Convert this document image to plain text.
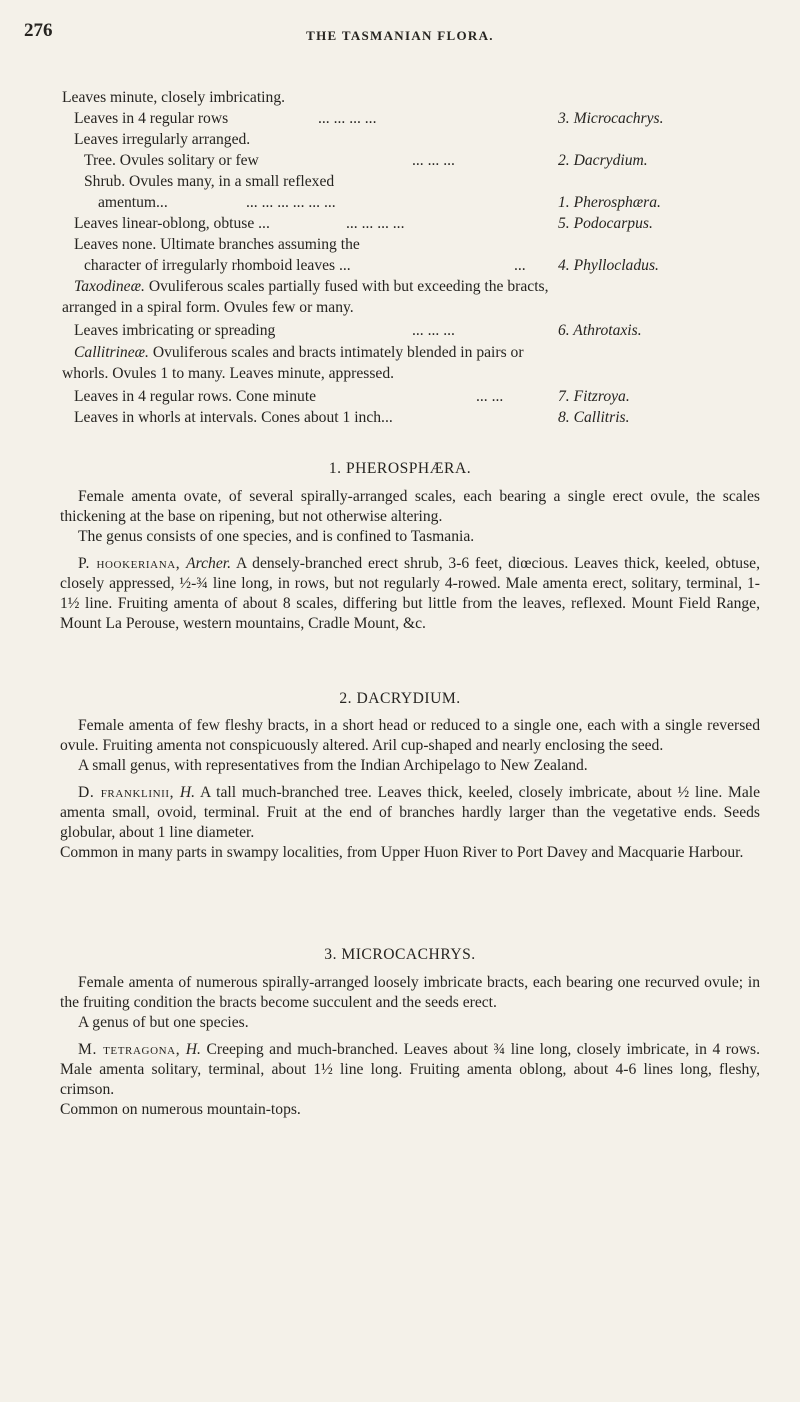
276	THE TASMANIAN FLORA.
Leaves minute, closely imbricating.
Leaves in 4 regular rows	... ... ... ...	3. Microcachrys.
Leaves irregularly arranged.
Tree. Ovules solitary or few	... ... ...	2. Dacrydium.
Shrub. Ovules many, in a small reflexed
amentum...	... ... ... ... ... ...	1. Pherosphæra.
Leaves linear-oblong, obtuse ...	... ... ... ...	5. Podocarpus.
Leaves none. Ultimate branches assuming the
character of irregularly rhomboid leaves ...	... 4. Phyllocladus.
Taxodineæ. Ovuliferous scales partially fused with but exceeding the bracts,
arranged in a spiral form. Ovules few or many.
Leaves imbricating or spreading	... ... ...	6. Athrotaxis.
Callitrineæ. Ovuliferous scales and bracts intimately blended in pairs or
whorls. Ovules 1 to many. Leaves minute, appressed.
Leaves in 4 regular rows. Cone minute	... ...	7. Fitzroya.
Leaves in whorls at intervals. Cones about 1 inch...	8. Callitris.
1. PHEROSPHÆRA.

Female amenta ovate, of several spirally-arranged scales, each bearing a single erect ovule, the scales thickening at the base on ripening, but not otherwise altering.

The genus consists of one species, and is confined to Tasmania.

P. hookeriana, Archer. A densely-branched erect shrub, 3-6 feet, diœcious. Leaves thick, keeled, obtuse, closely appressed, ½-¾ line long, in rows, but not regularly 4-rowed. Male amenta erect, solitary, terminal, 1-1½ line. Fruiting amenta of about 8 scales, differing but little from the leaves, reflexed. Mount Field Range, Mount La Perouse, western mountains, Cradle Mount, &c.

2. DACRYDIUM.

Female amenta of few fleshy bracts, in a short head or reduced to a single one, each with a single reversed ovule. Fruiting amenta not conspicuously altered. Aril cup-shaped and nearly enclosing the seed.

A small genus, with representatives from the Indian Archipelago to New Zealand.

D. franklinii, H. A tall much-branched tree. Leaves thick, keeled, closely imbricate, about ½ line. Male amenta small, ovoid, terminal. Fruit at the end of branches hardly larger than the vegetative ends. Seeds globular, about 1 line diameter.

Common in many parts in swampy localities, from Upper Huon River to Port Davey and Macquarie Harbour.

3. MICROCACHRYS.

Female amenta of numerous spirally-arranged loosely imbricate bracts, each bearing one recurved ovule; in the fruiting condition the bracts become succulent and the seeds erect.

A genus of but one species.

M. tetragona, H. Creeping and much-branched. Leaves about ¾ line long, closely imbricate, in 4 rows. Male amenta solitary, terminal, about 1½ line long. Fruiting amenta oblong, about 4-6 lines long, fleshy, crimson.

Common on numerous mountain-tops.
